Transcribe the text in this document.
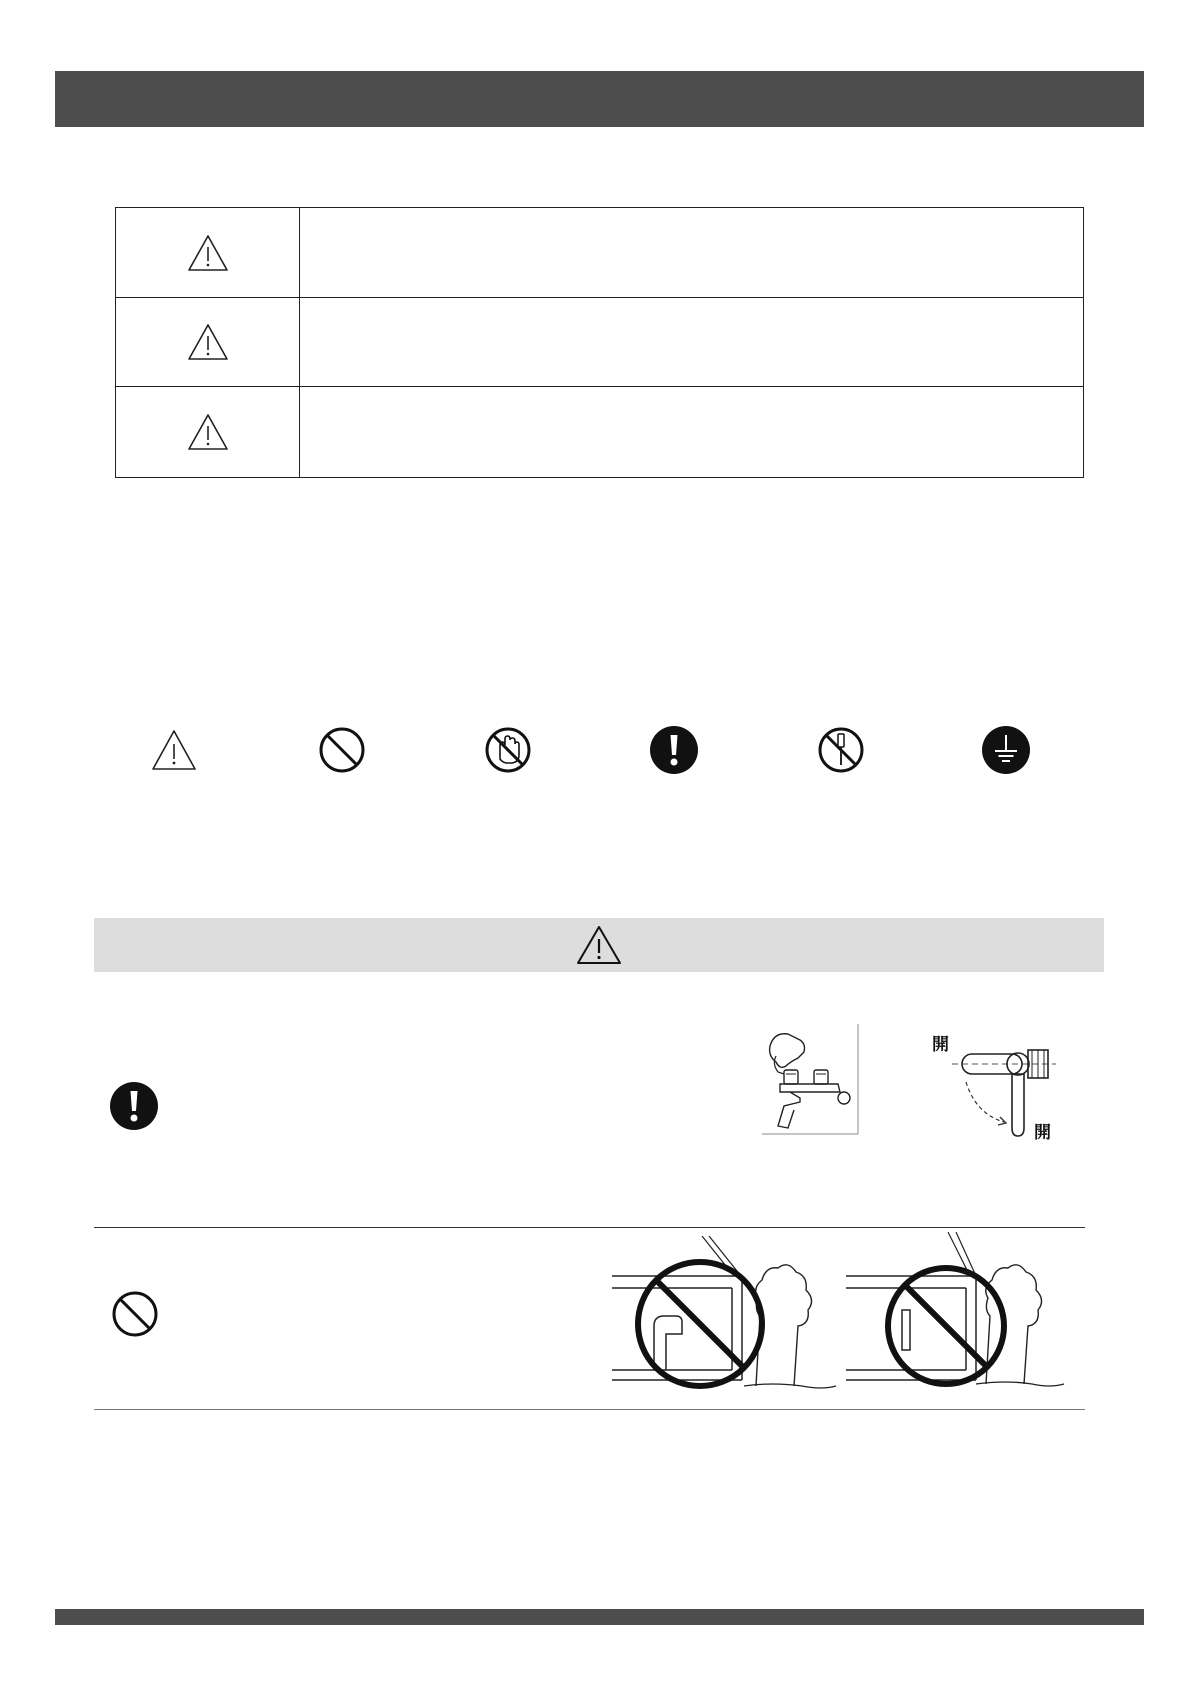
開
開
